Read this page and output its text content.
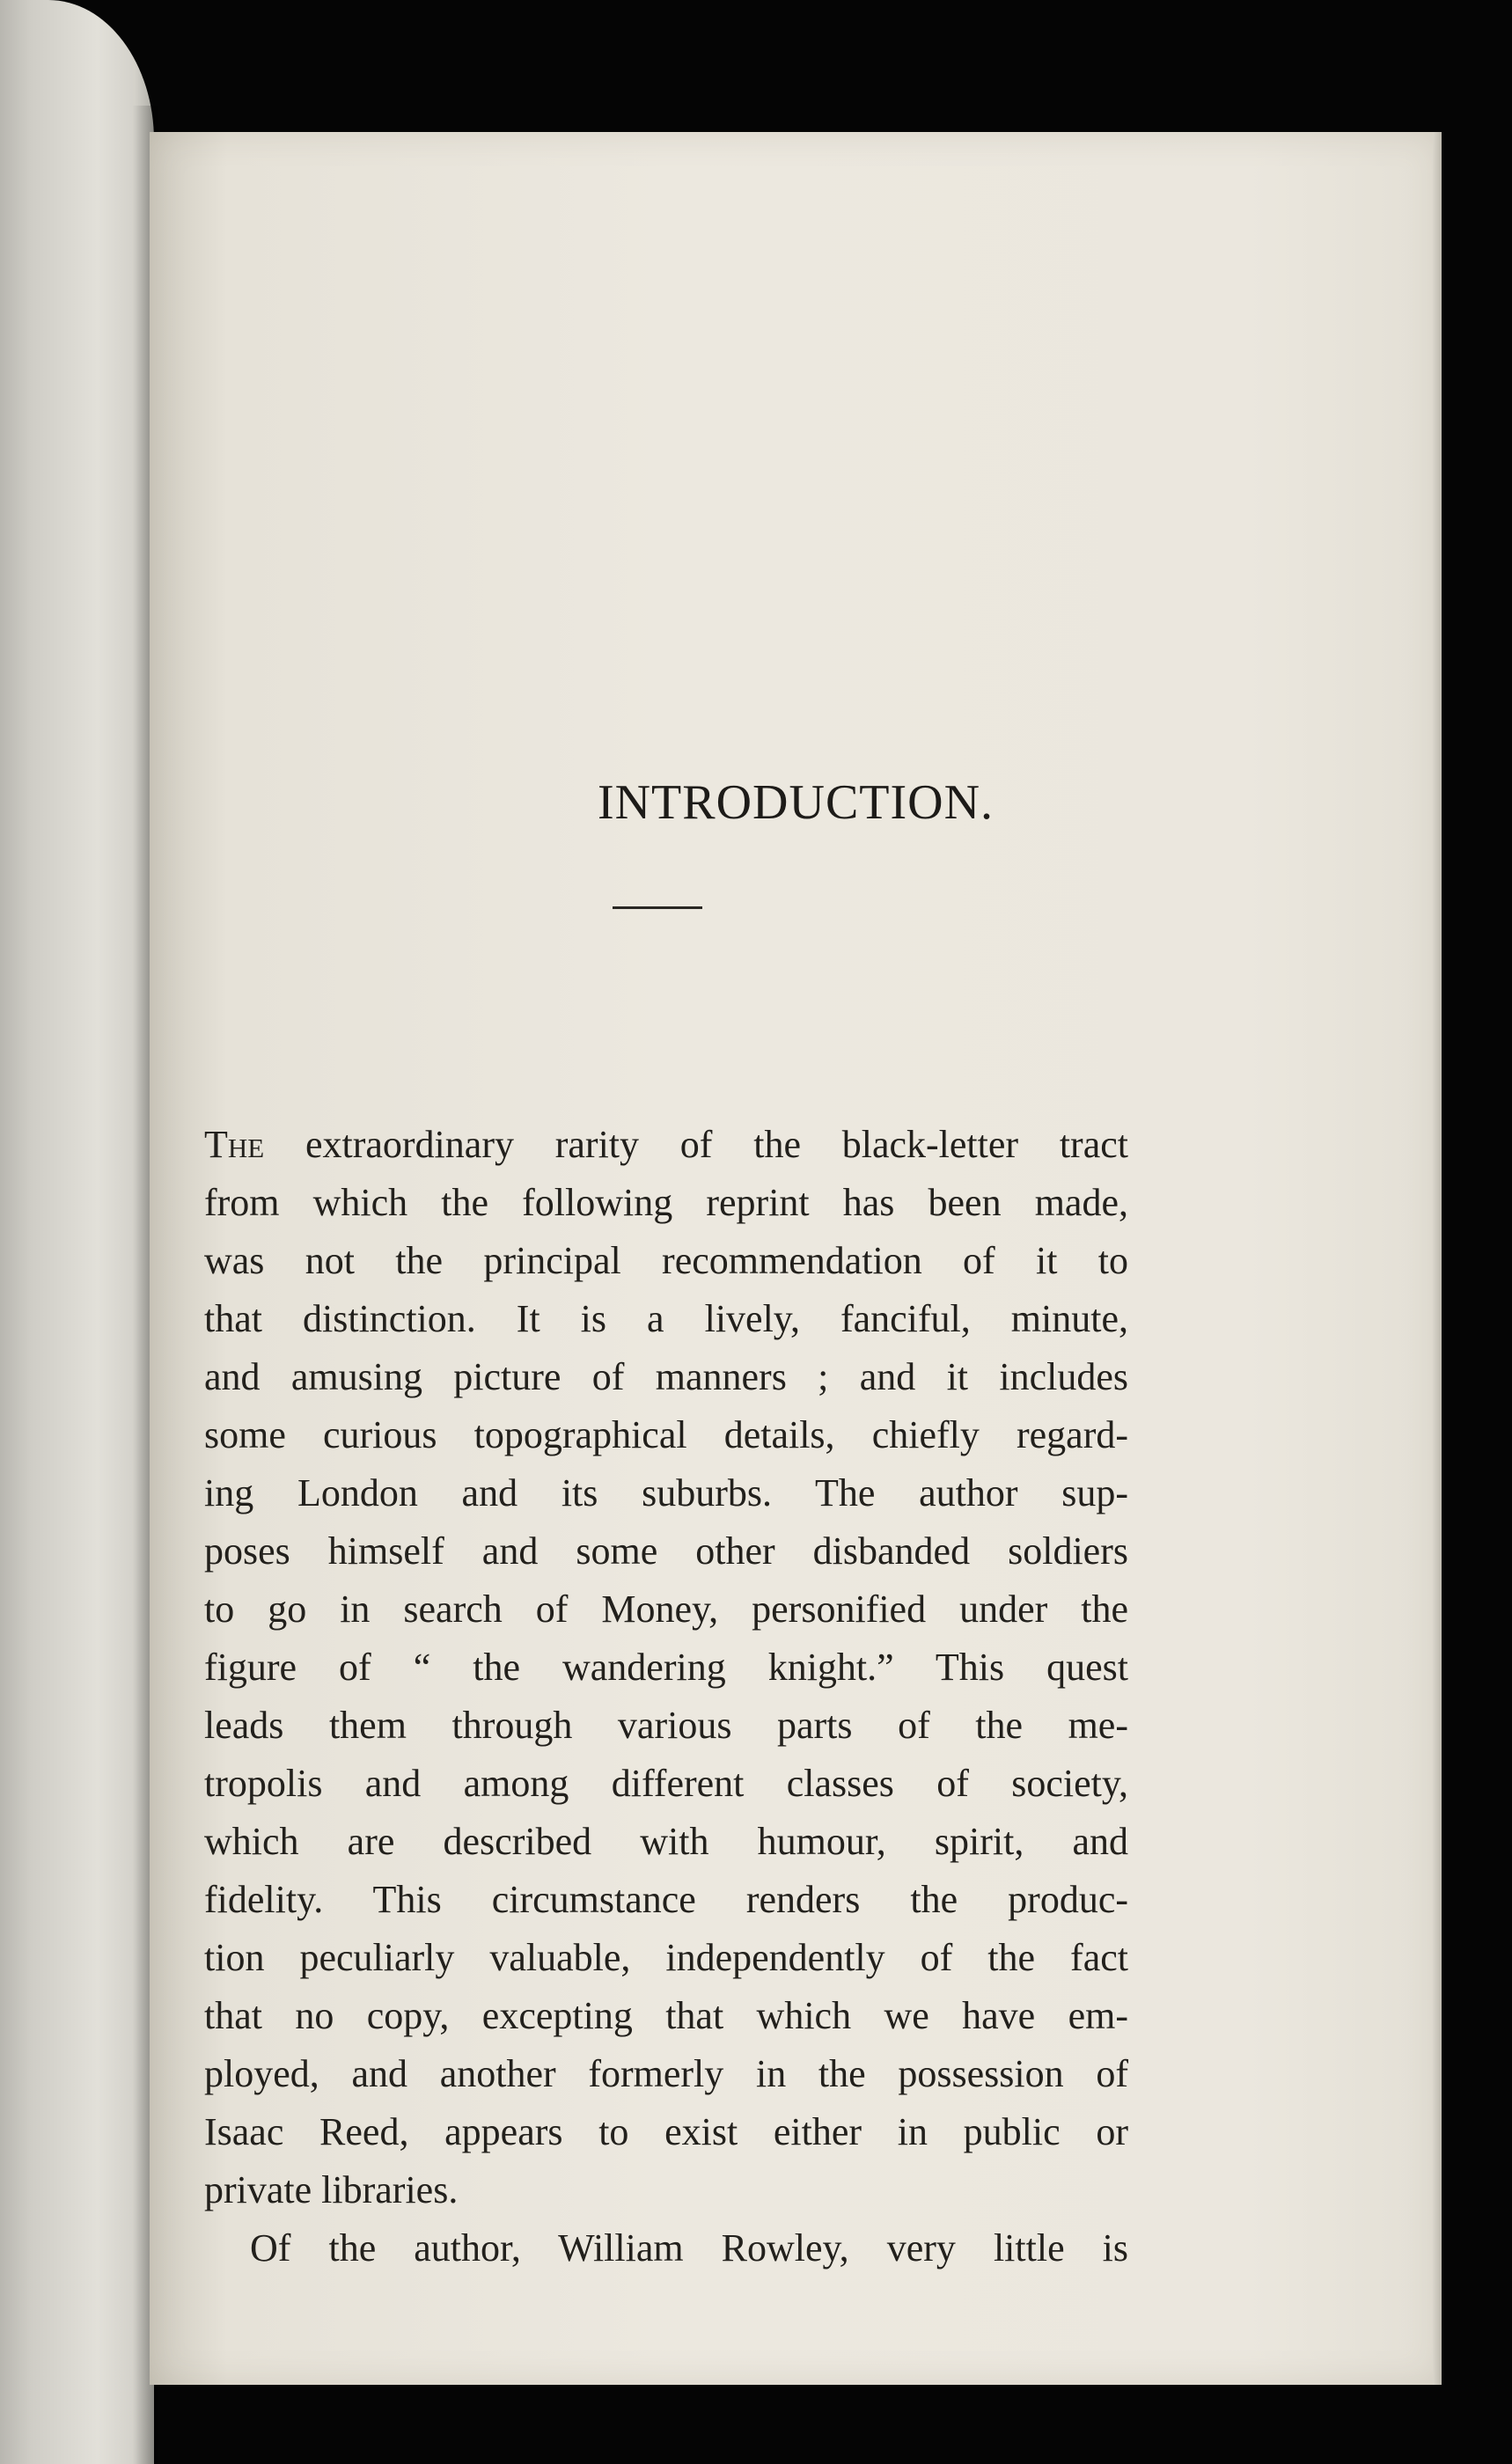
INTRODUCTION.
The extraordinary rarity of the black-letter tract
from which the following reprint has been made,
was not the principal recommendation of it to
that distinction. It is a lively, fanciful, minute,
and amusing picture of manners ; and it includes
some curious topographical details, chiefly regard-
ing London and its suburbs. The author sup-
poses himself and some other disbanded soldiers
to go in search of Money, personified under the
figure of “ the wandering knight.” This quest
leads them through various parts of the me-
tropolis and among different classes of society,
which are described with humour, spirit, and
fidelity. This circumstance renders the produc-
tion peculiarly valuable, independently of the fact
that no copy, excepting that which we have em-
ployed, and another formerly in the possession of
Isaac Reed, appears to exist either in public or
private libraries.
Of the author, William Rowley, very little is
